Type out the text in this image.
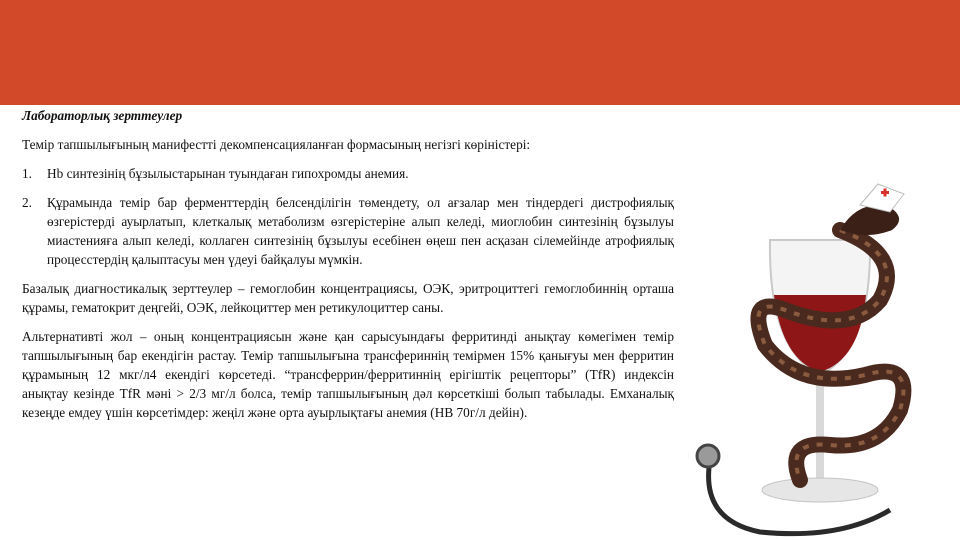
Лабораторлық зерттеулер
Темір тапшылығының манифестті декомпенсацияланған формасының негізгі көріністері:
1.	Hb синтезінің бұзылыстарынан туындаған гипохромды анемия.
2.	Құрамында темір бар ферменттердің белсенділігін төмендету, ол ағзалар мен тіндердегі дистрофиялық өзгерістерді ауырлатып, клеткалық метаболизм өзгерістеріне алып келеді, миоглобин синтезінің бұзылуы миастенияға алып келеді, коллаген синтезінің бұзылуы есебінен өңеш пен асқазан сілемейінде атрофиялық процесстердің қалыптасуы мен үдеуі байқалуы мүмкін.
Базалық диагностикалық зерттеулер – гемоглобин концентрациясы, ОЭК, эритроциттегі гемоглобиннің орташа құрамы, гематокрит деңгейі, ОЭК, лейкоциттер мен ретикулоциттер саны.
Альтернативті жол – оның концентрациясын және қан сарысуындағы ферритинді анықтау көмегімен темір тапшылығының бар екендігін растау. Темір тапшылығына трансфериннің темірмен 15% қанығуы мен ферритин құрамының 12 мкг/л4 екендігі көрсетеді. “трансферрин/ферритиннің ерігіштік рецепторы” (TfR) индексін анықтау кезінде TfR мәні > 2/3 мг/л болса, темір тапшылығының дәл көрсеткіші болып табылады. Емханалық кезеңде емдеу үшін көрсетімдер: жеңіл және орта ауырлықтағы анемия (НВ 70г/л дейін).
